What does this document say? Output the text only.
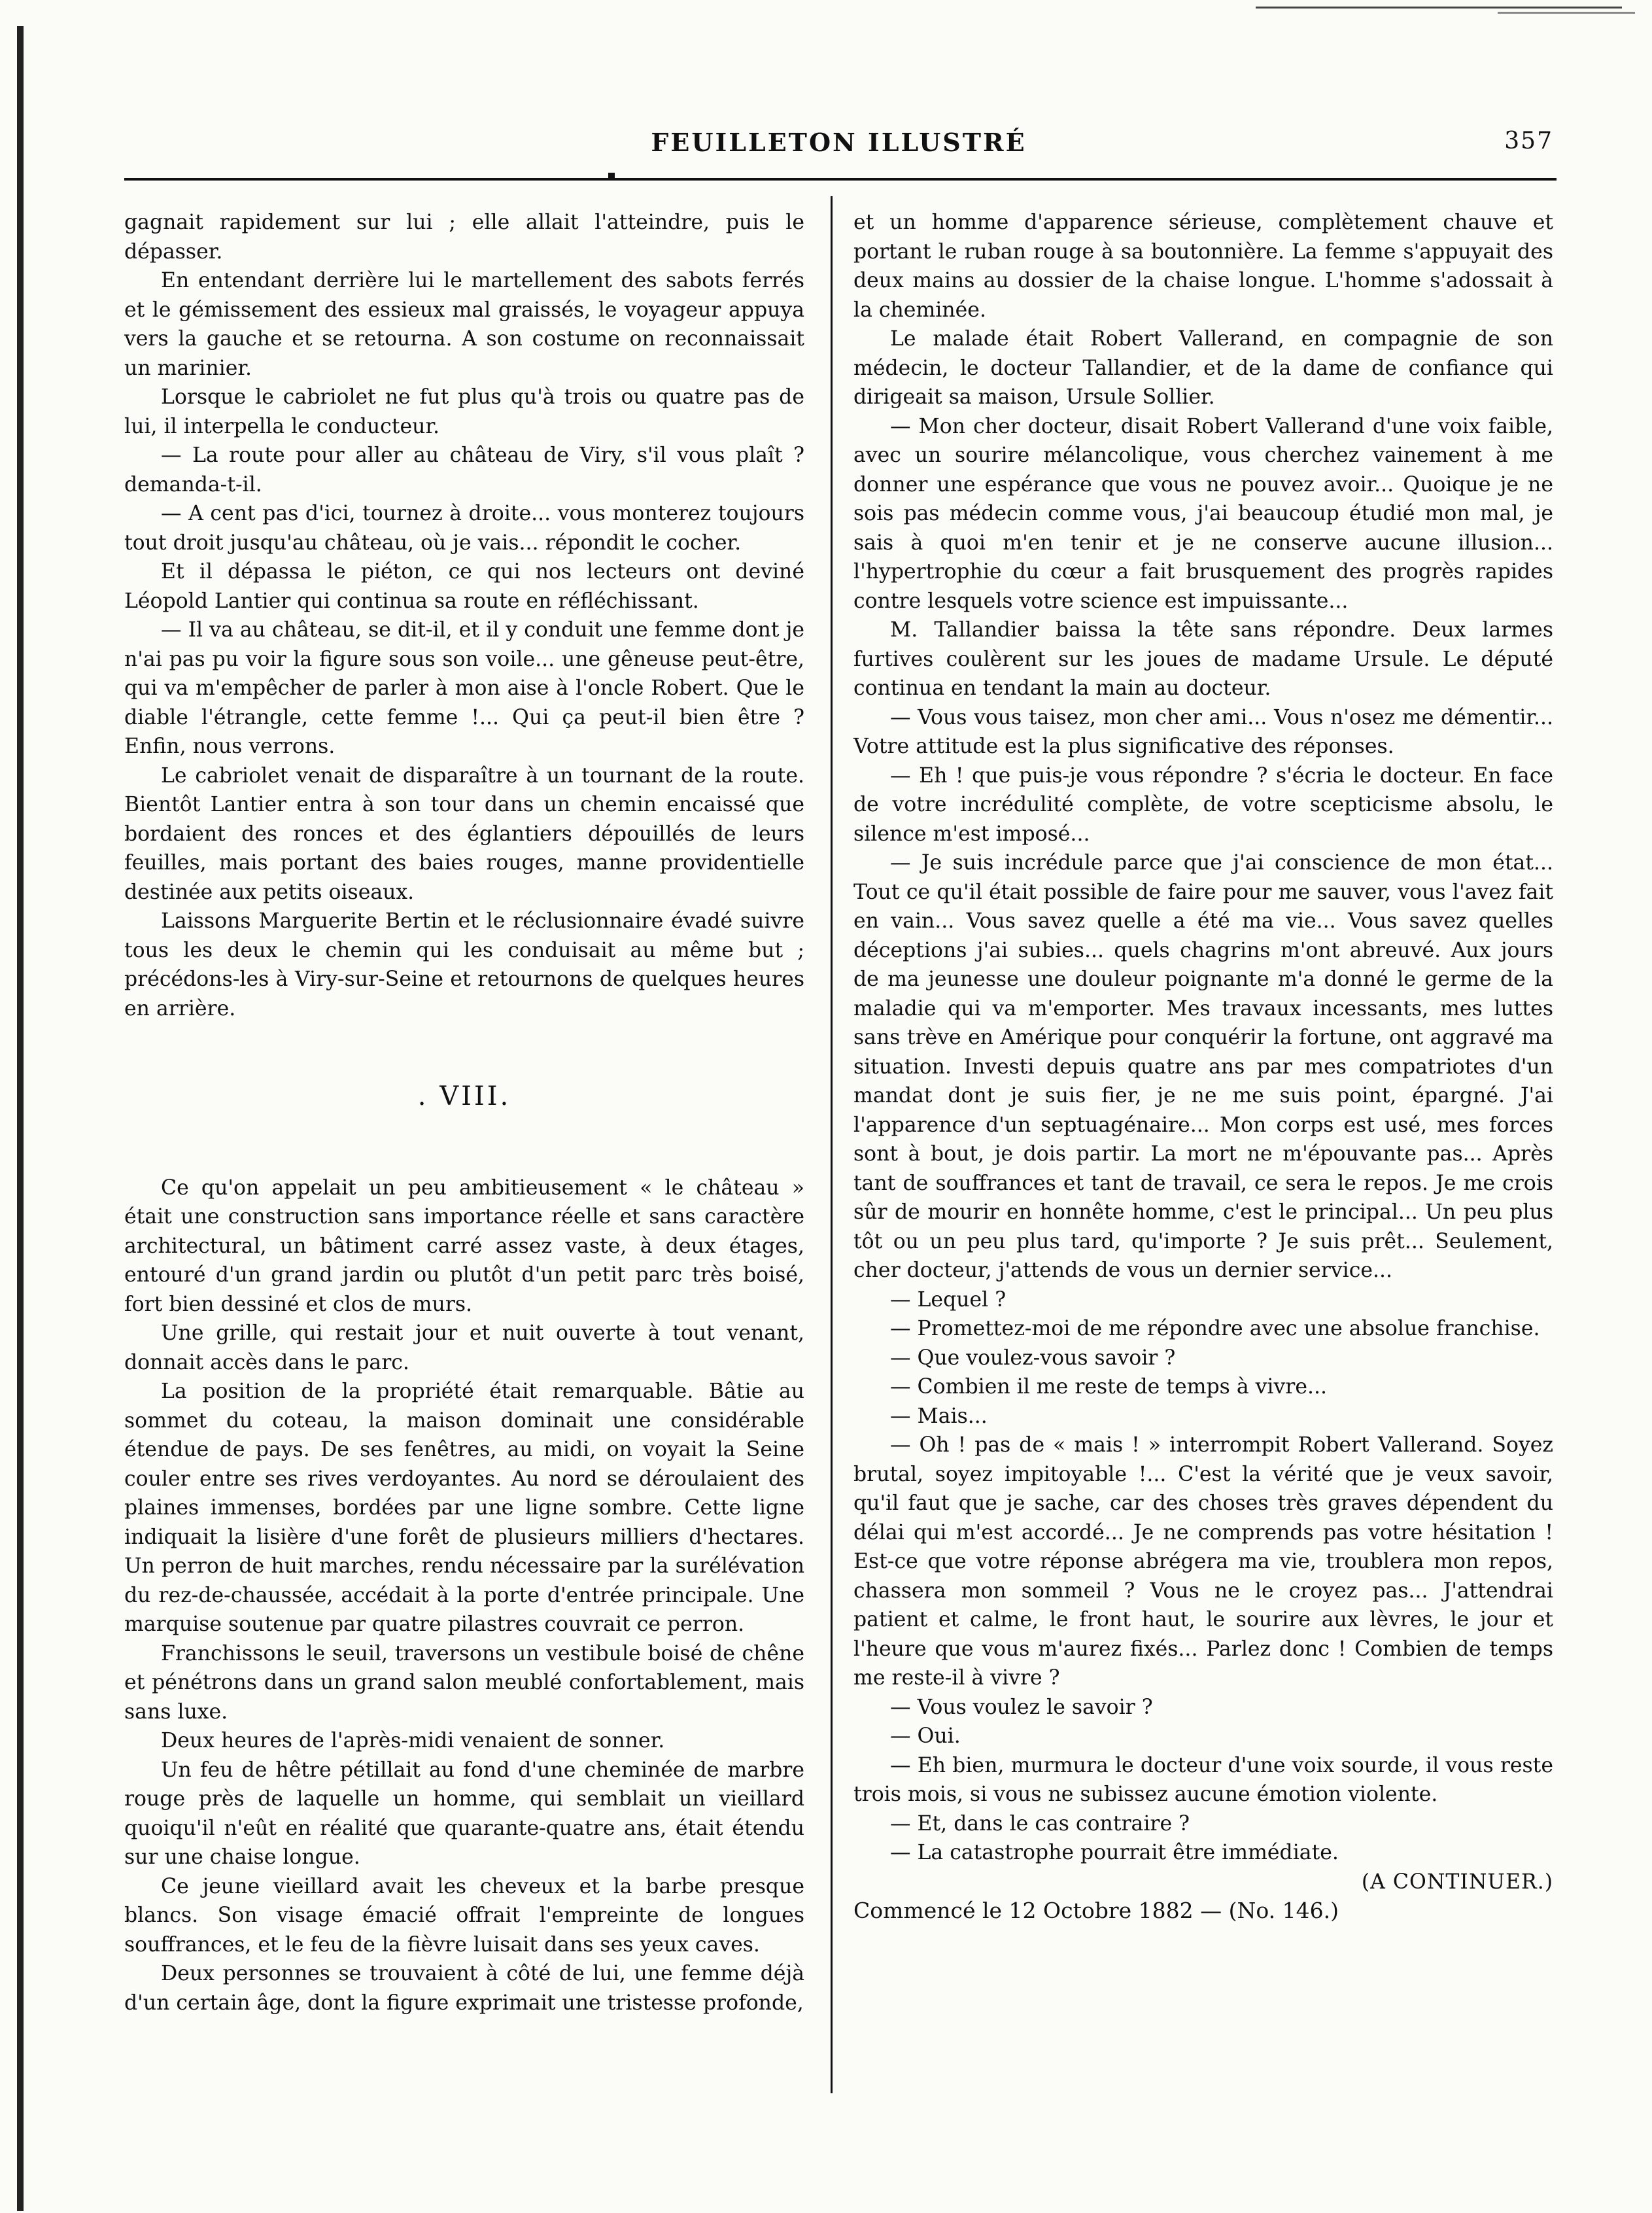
FEUILLETON ILLUSTRÉ	357

gagnait rapidement sur lui ; elle allait l'atteindre, puis le dépasser.

En entendant derrière lui le martellement des sabots ferrés et le gémissement des essieux mal graissés, le voyageur appuya vers la gauche et se retourna. A son costume on reconnaissait un marinier.

Lorsque le cabriolet ne fut plus qu'à trois ou quatre pas de lui, il interpella le conducteur.

— La route pour aller au château de Viry, s'il vous plaît ? demanda-t-il.

— A cent pas d'ici, tournez à droite... vous monterez toujours tout droit jusqu'au château, où je vais... répondit le cocher.

Et il dépassa le piéton, ce qui nos lecteurs ont deviné Léopold Lantier qui continua sa route en réfléchissant.

— Il va au château, se dit-il, et il y conduit une femme dont je n'ai pas pu voir la figure sous son voile... une gêneuse peut-être, qui va m'empêcher de parler à mon aise à l'oncle Robert. Que le diable l'étrangle, cette femme !... Qui ça peut-il bien être ? Enfin, nous verrons.

Le cabriolet venait de disparaître à un tournant de la route. Bientôt Lantier entra à son tour dans un chemin encaissé que bordaient des ronces et des églantiers dépouillés de leurs feuilles, mais portant des baies rouges, manne providentielle destinée aux petits oiseaux.

Laissons Marguerite Bertin et le réclusionnaire évadé suivre tous les deux le chemin qui les conduisait au même but ; précédons-les à Viry-sur-Seine et retournons de quelques heures en arrière.

. VIII.

Ce qu'on appelait un peu ambitieusement « le château » était une construction sans importance réelle et sans caractère architectural, un bâtiment carré assez vaste, à deux étages, entouré d'un grand jardin ou plutôt d'un petit parc très boisé, fort bien dessiné et clos de murs.

Une grille, qui restait jour et nuit ouverte à tout venant, donnait accès dans le parc.

La position de la propriété était remarquable. Bâtie au sommet du coteau, la maison dominait une considérable étendue de pays. De ses fenêtres, au midi, on voyait la Seine couler entre ses rives verdoyantes. Au nord se déroulaient des plaines immenses, bordées par une ligne sombre. Cette ligne indiquait la lisière d'une forêt de plusieurs milliers d'hectares. Un perron de huit marches, rendu nécessaire par la surélévation du rez-de-chaussée, accédait à la porte d'entrée principale. Une marquise soutenue par quatre pilastres couvrait ce perron.

Franchissons le seuil, traversons un vestibule boisé de chêne et pénétrons dans un grand salon meublé confortablement, mais sans luxe.

Deux heures de l'après-midi venaient de sonner.

Un feu de hêtre pétillait au fond d'une cheminée de marbre rouge près de laquelle un homme, qui semblait un vieillard quoiqu'il n'eût en réalité que quarante-quatre ans, était étendu sur une chaise longue.

Ce jeune vieillard avait les cheveux et la barbe presque blancs. Son visage émacié offrait l'empreinte de longues souffrances, et le feu de la fièvre luisait dans ses yeux caves.

Deux personnes se trouvaient à côté de lui, une femme déjà d'un certain âge, dont la figure exprimait une tristesse profonde,

et un homme d'apparence sérieuse, complètement chauve et portant le ruban rouge à sa boutonnière. La femme s'appuyait des deux mains au dossier de la chaise longue. L'homme s'adossait à la cheminée.

Le malade était Robert Vallerand, en compagnie de son médecin, le docteur Tallandier, et de la dame de confiance qui dirigeait sa maison, Ursule Sollier.

— Mon cher docteur, disait Robert Vallerand d'une voix faible, avec un sourire mélancolique, vous cherchez vainement à me donner une espérance que vous ne pouvez avoir... Quoique je ne sois pas médecin comme vous, j'ai beaucoup étudié mon mal, je sais à quoi m'en tenir et je ne conserve aucune illusion... l'hypertrophie du cœur a fait brusquement des progrès rapides contre lesquels votre science est impuissante...

M. Tallandier baissa la tête sans répondre. Deux larmes furtives coulèrent sur les joues de madame Ursule. Le député continua en tendant la main au docteur.

— Vous vous taisez, mon cher ami... Vous n'osez me démentir... Votre attitude est la plus significative des réponses.

— Eh ! que puis-je vous répondre ? s'écria le docteur. En face de votre incrédulité complète, de votre scepticisme absolu, le silence m'est imposé...

— Je suis incrédule parce que j'ai conscience de mon état... Tout ce qu'il était possible de faire pour me sauver, vous l'avez fait en vain... Vous savez quelle a été ma vie... Vous savez quelles déceptions j'ai subies... quels chagrins m'ont abreuvé. Aux jours de ma jeunesse une douleur poignante m'a donné le germe de la maladie qui va m'emporter. Mes travaux incessants, mes luttes sans trève en Amérique pour conquérir la fortune, ont aggravé ma situation. Investi depuis quatre ans par mes compatriotes d'un mandat dont je suis fier, je ne me suis point, épargné. J'ai l'apparence d'un septuagénaire... Mon corps est usé, mes forces sont à bout, je dois partir. La mort ne m'épouvante pas... Après tant de souffrances et tant de travail, ce sera le repos. Je me crois sûr de mourir en honnête homme, c'est le principal... Un peu plus tôt ou un peu plus tard, qu'importe ? Je suis prêt... Seulement, cher docteur, j'attends de vous un dernier service...

— Lequel ?

— Promettez-moi de me répondre avec une absolue franchise.

— Que voulez-vous savoir ?

— Combien il me reste de temps à vivre...

— Mais...

— Oh ! pas de « mais ! » interrompit Robert Vallerand. Soyez brutal, soyez impitoyable !... C'est la vérité que je veux savoir, qu'il faut que je sache, car des choses très graves dépendent du délai qui m'est accordé... Je ne comprends pas votre hésitation ! Est-ce que votre réponse abrégera ma vie, troublera mon repos, chassera mon sommeil ? Vous ne le croyez pas... J'attendrai patient et calme, le front haut, le sourire aux lèvres, le jour et l'heure que vous m'aurez fixés... Parlez donc ! Combien de temps me reste-il à vivre ?

— Vous voulez le savoir ?

— Oui.

— Eh bien, murmura le docteur d'une voix sourde, il vous reste trois mois, si vous ne subissez aucune émotion violente.

— Et, dans le cas contraire ?

— La catastrophe pourrait être immédiate.

(A CONTINUER.)

Commencé le 12 Octobre 1882 — (No. 146.)
